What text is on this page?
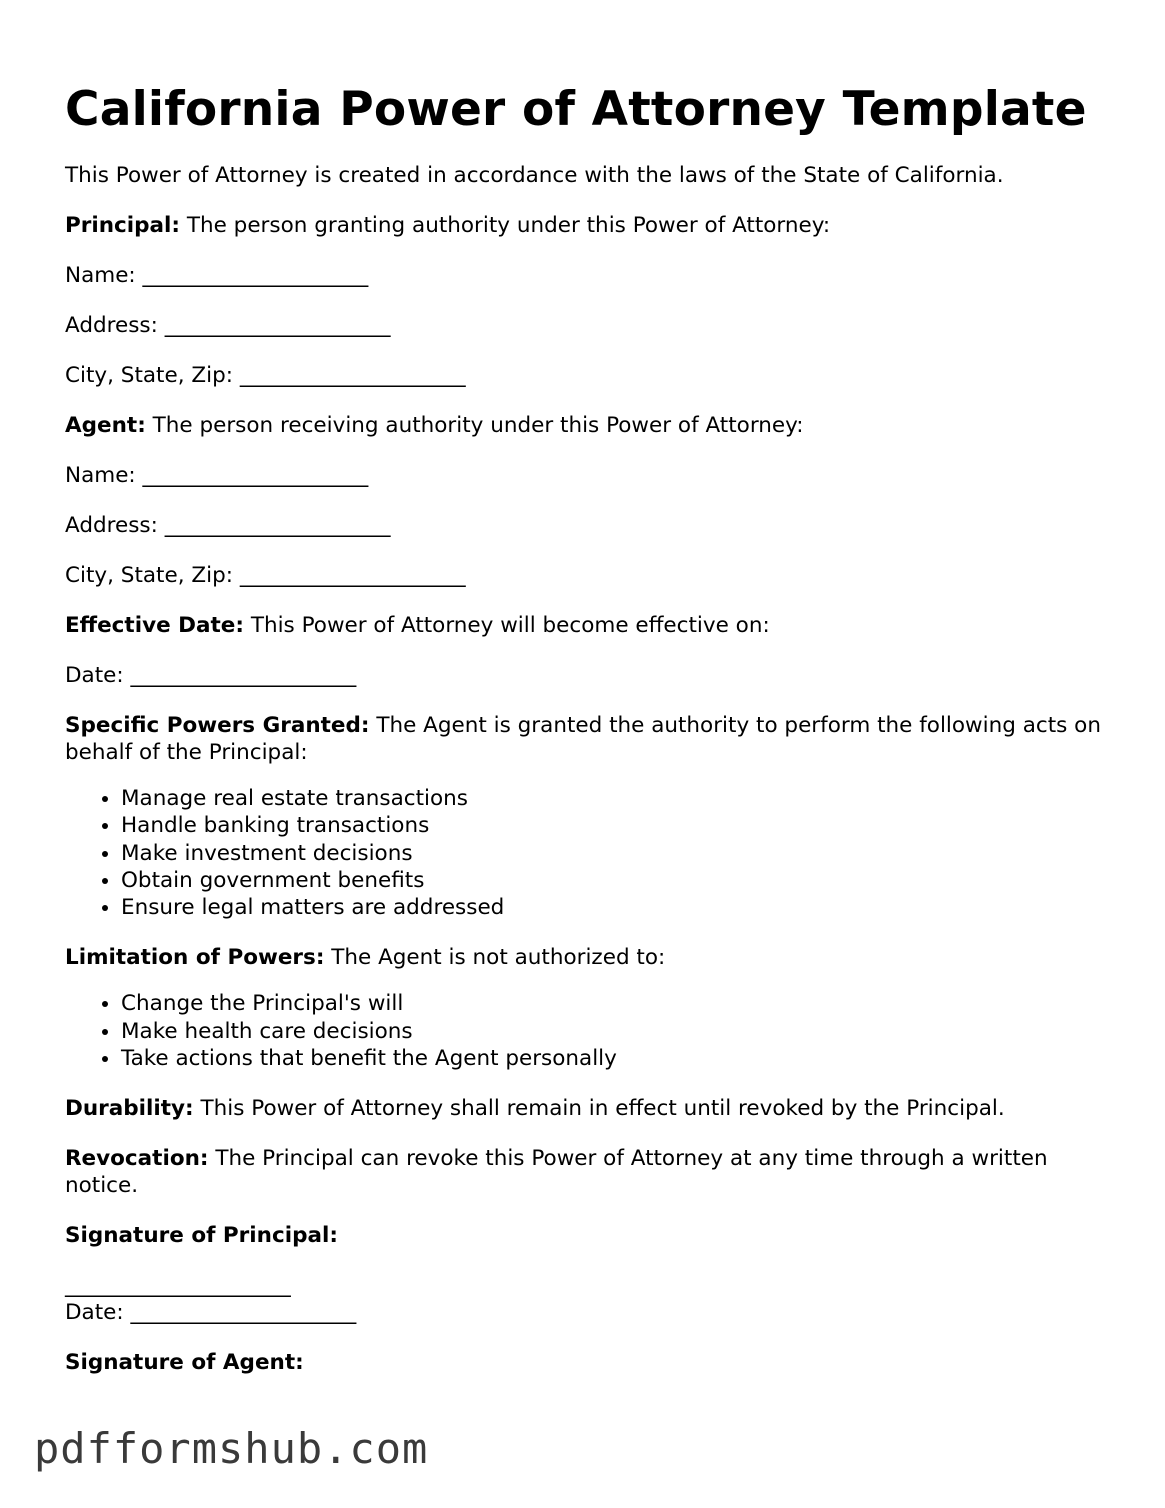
California Power of Attorney Template

This Power of Attorney is created in accordance with the laws of the State of California.

Principal: The person granting authority under this Power of Attorney:

Name: _____________________

Address: _____________________

City, State, Zip: _____________________

Agent: The person receiving authority under this Power of Attorney:

Name: _____________________

Address: _____________________

City, State, Zip: _____________________

Effective Date: This Power of Attorney will become effective on:

Date: _____________________

Specific Powers Granted: The Agent is granted the authority to perform the following acts on behalf of the Principal:

• Manage real estate transactions
• Handle banking transactions
• Make investment decisions
• Obtain government benefits
• Ensure legal matters are addressed

Limitation of Powers: The Agent is not authorized to:

• Change the Principal's will
• Make health care decisions
• Take actions that benefit the Agent personally

Durability: This Power of Attorney shall remain in effect until revoked by the Principal.

Revocation: The Principal can revoke this Power of Attorney at any time through a written notice.

Signature of Principal:

_____________________

Date: _____________________

Signature of Agent:

pdfformshub.com
